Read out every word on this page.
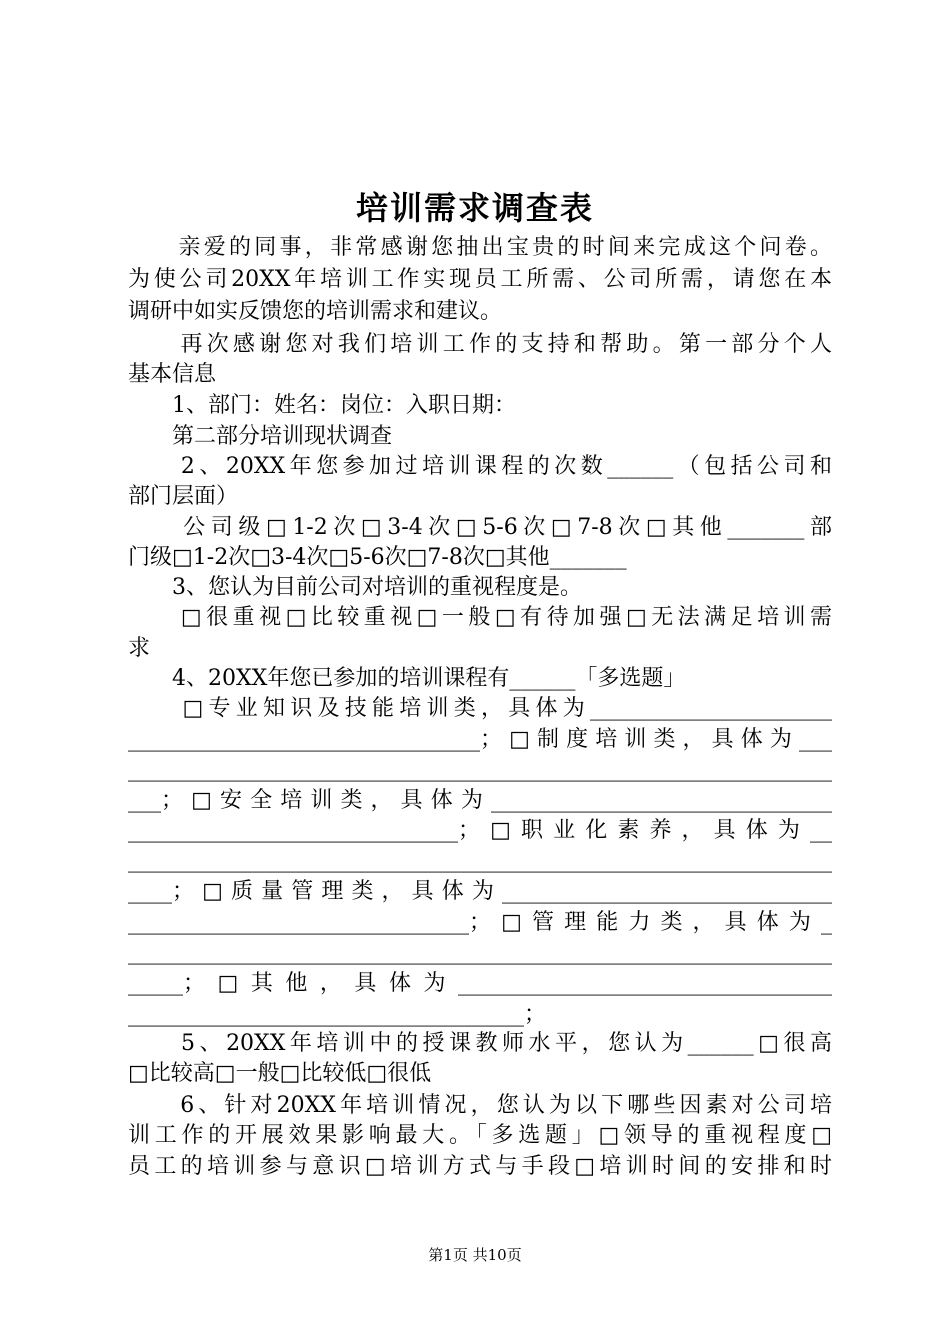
培训需求调查表
　　亲爱的同事，非常感谢您抽出宝贵的时间来完成这个问卷。
为使公司20XX年培训工作实现员工所需、公司所需，请您在本
调研中如实反馈您的培训需求和建议。
　　再次感谢您对我们培训工作的支持和帮助。第一部分个人
基本信息
　　1、部门：姓名：岗位：入职日期：
　　第二部分培训现状调查
　　2、20XX年您参加过培训课程的次数______（包括公司和
部门层面）
　　公司级□1-2次□3-4次□5-6次□7-8次□其他_______部
门级□1-2次□3-4次□5-6次□7-8次□其他_______
　　3、您认为目前公司对培训的重视程度是。
　　□很重视□比较重视□一般□有待加强□无法满足培训需
求
　　4、20XX年您已参加的培训课程有______「多选题」
　　□专业知识及技能培训类，具体为______________________
________________________________；□制度培训类，具体为___
________________________________________________________________
___；□安全培训类，具体为_______________________________
______________________________；□职业化素养，具体为__
________________________________________________________________
____；□质量管理类，具体为______________________________
_______________________________；□管理能力类，具体为_
________________________________________________________________
_____；□其他，具体为__________________________________
____________________________________；
　　5、20XX年培训中的授课教师水平，您认为______□很高
□比较高□一般□比较低□很低
　　6、针对20XX年培训情况，您认为以下哪些因素对公司培
训工作的开展效果影响最大。「多选题」□领导的重视程度□
员工的培训参与意识□培训方式与手段□培训时间的安排和时
第1页 共10页
